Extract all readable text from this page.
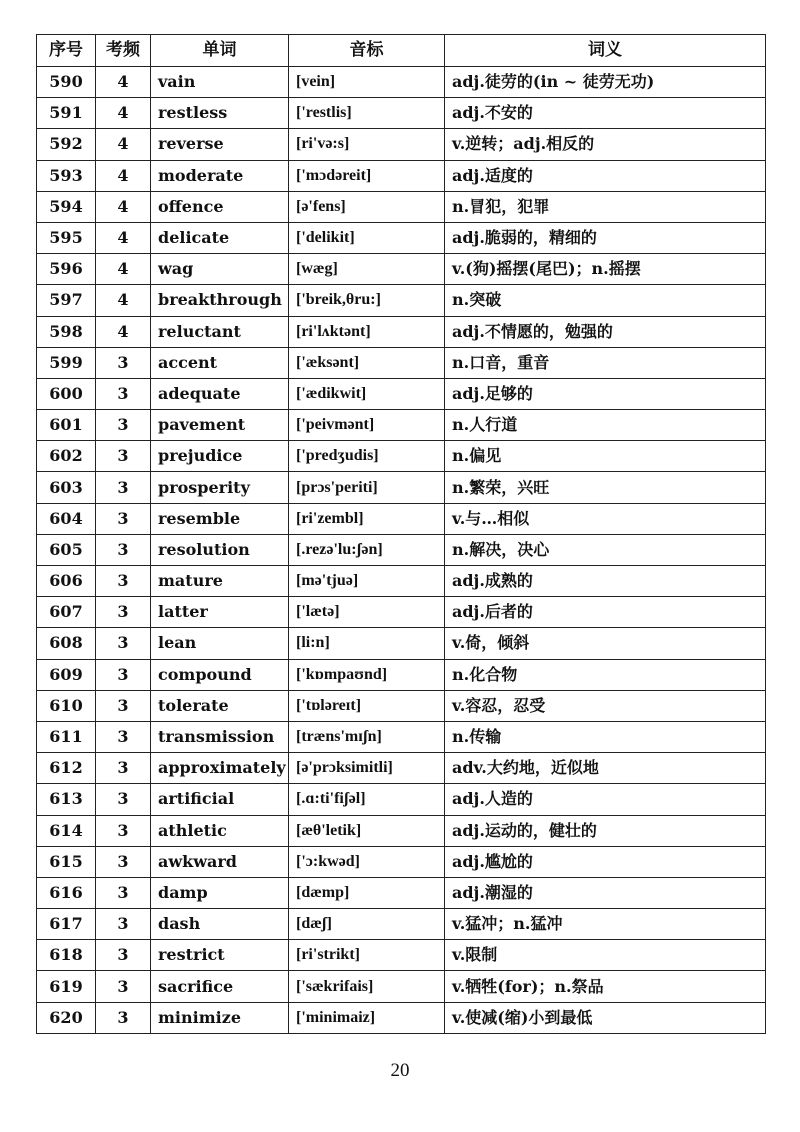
序号	考频	单词	音标	词义
590	4	vain	[vein]	adj.徒劳的(in ~ 徒劳无功)
591	4	restless	['restlis]	adj.不安的
592	4	reverse	[ri'və:s]	v.逆转；adj.相反的
593	4	moderate	['mɔdəreit]	adj.适度的
594	4	offence	[ə'fens]	n.冒犯，犯罪
595	4	delicate	['delikit]	adj.脆弱的，精细的
596	4	wag	[wæg]	v.(狗)摇摆(尾巴)；n.摇摆
597	4	breakthrough	['breik,θru:]	n.突破
598	4	reluctant	[ri'lʌktənt]	adj.不情愿的，勉强的
599	3	accent	['æksənt]	n.口音，重音
600	3	adequate	['ædikwit]	adj.足够的
601	3	pavement	['peivmənt]	n.人行道
602	3	prejudice	['predʒudis]	n.偏见
603	3	prosperity	[prɔs'periti]	n.繁荣，兴旺
604	3	resemble	[ri'zembl]	v.与…相似
605	3	resolution	[.rezə'lu:ʃən]	n.解决，决心
606	3	mature	[mə'tjuə]	adj.成熟的
607	3	latter	['lætə]	adj.后者的
608	3	lean	[li:n]	v.倚，倾斜
609	3	compound	['kɒmpaʊnd]	n.化合物
610	3	tolerate	['tɒləreɪt]	v.容忍，忍受
611	3	transmission	[træns'mɪʃn]	n.传输
612	3	approximately	[ə'prɔksimitli]	adv.大约地，近似地
613	3	artificial	[.ɑ:ti'fiʃəl]	adj.人造的
614	3	athletic	[æθ'letik]	adj.运动的，健壮的
615	3	awkward	['ɔ:kwəd]	adj.尴尬的
616	3	damp	[dæmp]	adj.潮湿的
617	3	dash	[dæʃ]	v.猛冲；n.猛冲
618	3	restrict	[ri'strikt]	v.限制
619	3	sacrifice	['sækrifais]	v.牺牲(for)；n.祭品
620	3	minimize	['minimaiz]	v.使减(缩)小到最低
20
